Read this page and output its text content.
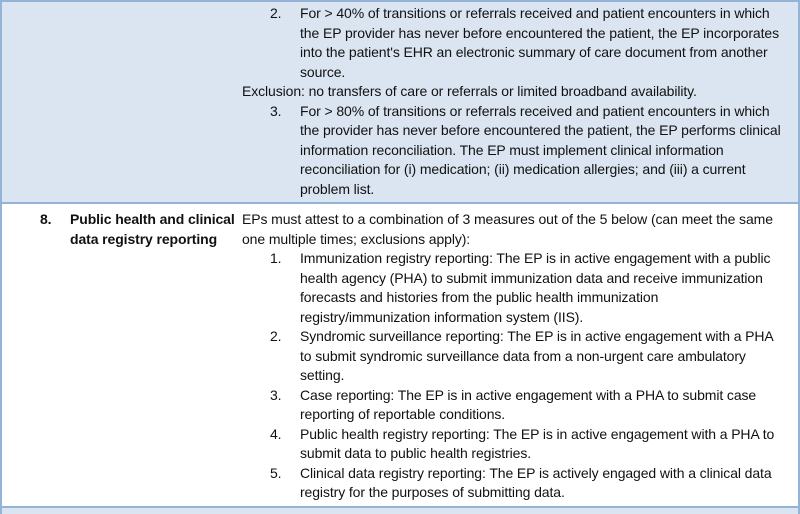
2. For > 40% of transitions or referrals received and patient encounters in which the EP provider has never before encountered the patient, the EP incorporates into the patient's EHR an electronic summary of care document from another source.

Exclusion: no transfers of care or referrals or limited broadband availability.

3. For > 80% of transitions or referrals received and patient encounters in which the provider has never before encountered the patient, the EP performs clinical information reconciliation. The EP must implement clinical information reconciliation for (i) medication; (ii) medication allergies; and (iii) a current problem list.
8.	Public health and clinical data registry reporting

EPs must attest to a combination of 3 measures out of the 5 below (can meet the same one multiple times; exclusions apply):

1. Immunization registry reporting: The EP is in active engagement with a public health agency (PHA) to submit immunization data and receive immunization forecasts and histories from the public health immunization registry/immunization information system (IIS).
2. Syndromic surveillance reporting: The EP is in active engagement with a PHA to submit syndromic surveillance data from a non-urgent care ambulatory setting.
3. Case reporting: The EP is in active engagement with a PHA to submit case reporting of reportable conditions.
4. Public health registry reporting: The EP is in active engagement with a PHA to submit data to public health registries.
5. Clinical data registry reporting: The EP is actively engaged with a clinical data registry for the purposes of submitting data.
